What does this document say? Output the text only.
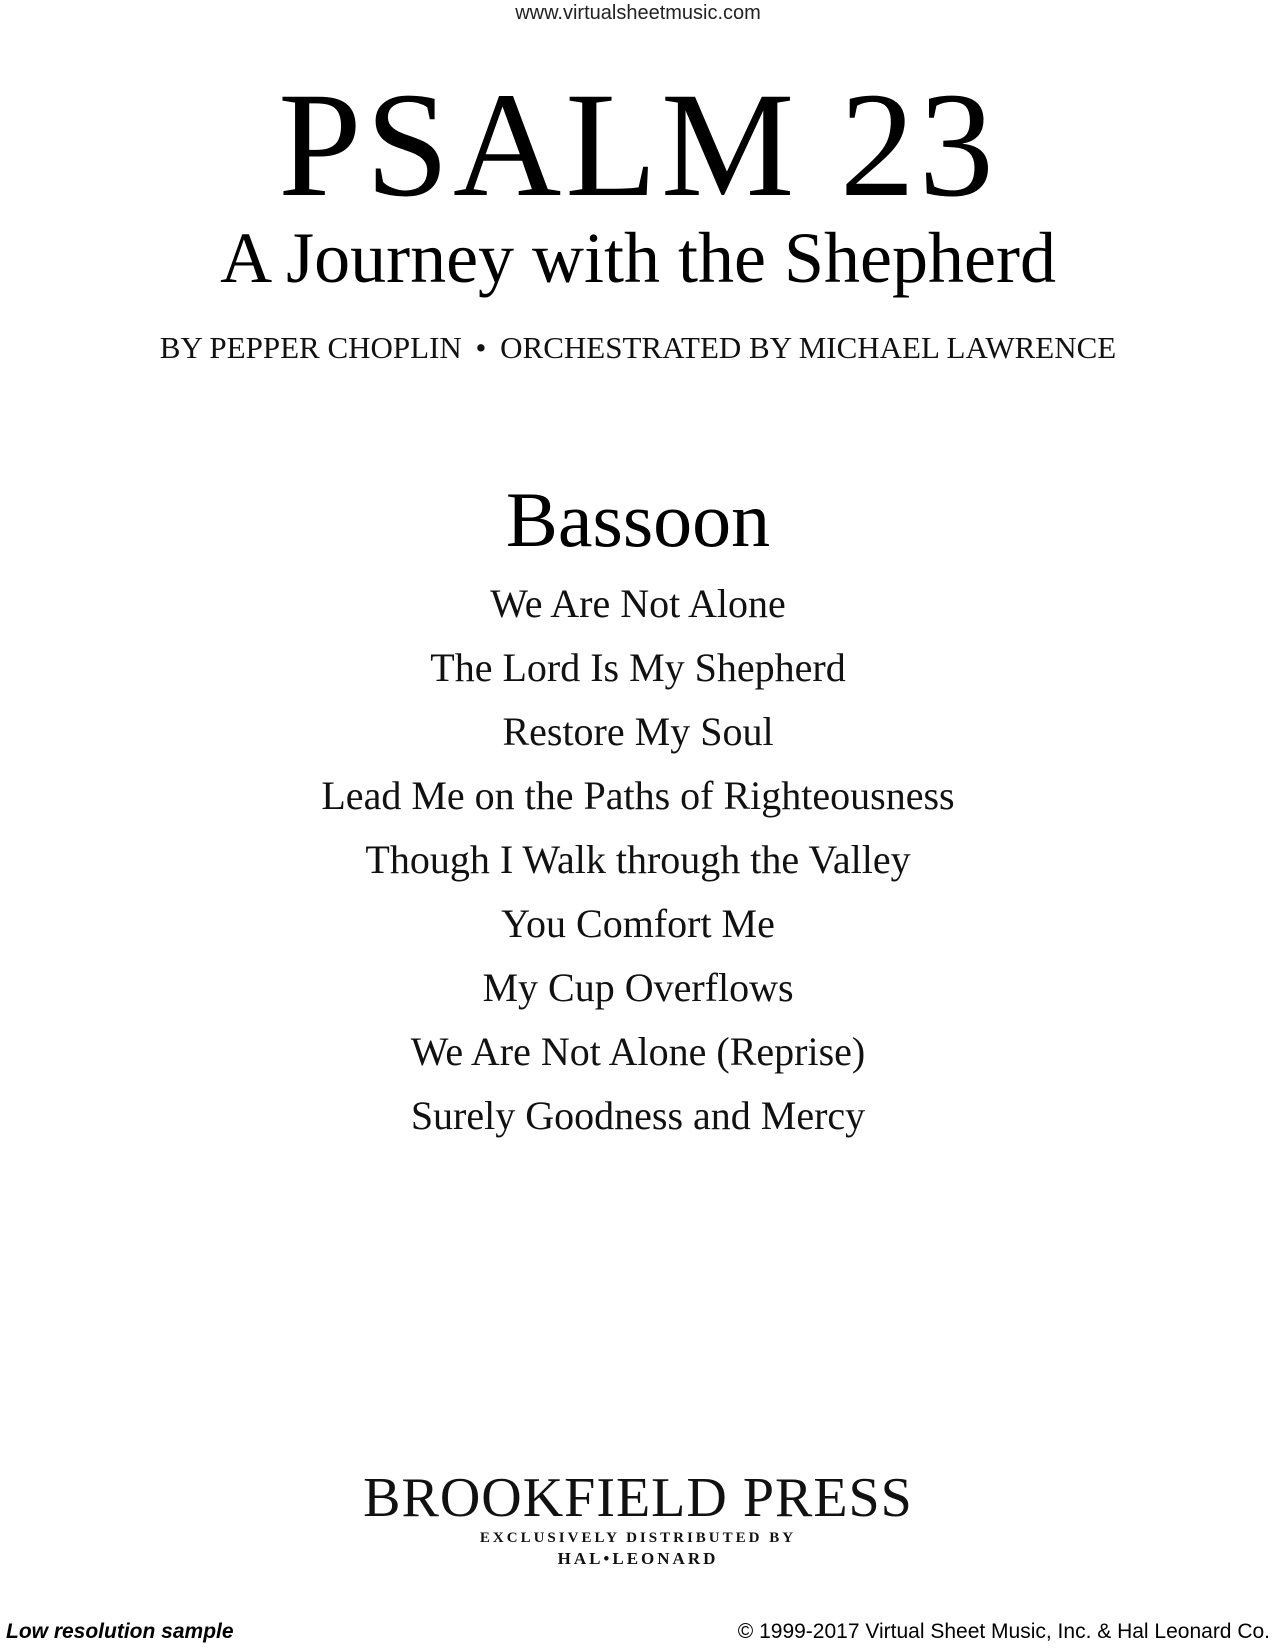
www.virtualsheetmusic.com
PSALM 23
A Journey with the Shepherd
BY PEPPER CHOPLIN • ORCHESTRATED BY MICHAEL LAWRENCE
Bassoon
We Are Not Alone
The Lord Is My Shepherd
Restore My Soul
Lead Me on the Paths of Righteousness
Though I Walk through the Valley
You Comfort Me
My Cup Overflows
We Are Not Alone (Reprise)
Surely Goodness and Mercy
BROOKFIELD PRESS
EXCLUSIVELY DISTRIBUTED BY
HAL•LEONARD
Low resolution sample	© 1999-2017 Virtual Sheet Music, Inc. & Hal Leonard Co.
